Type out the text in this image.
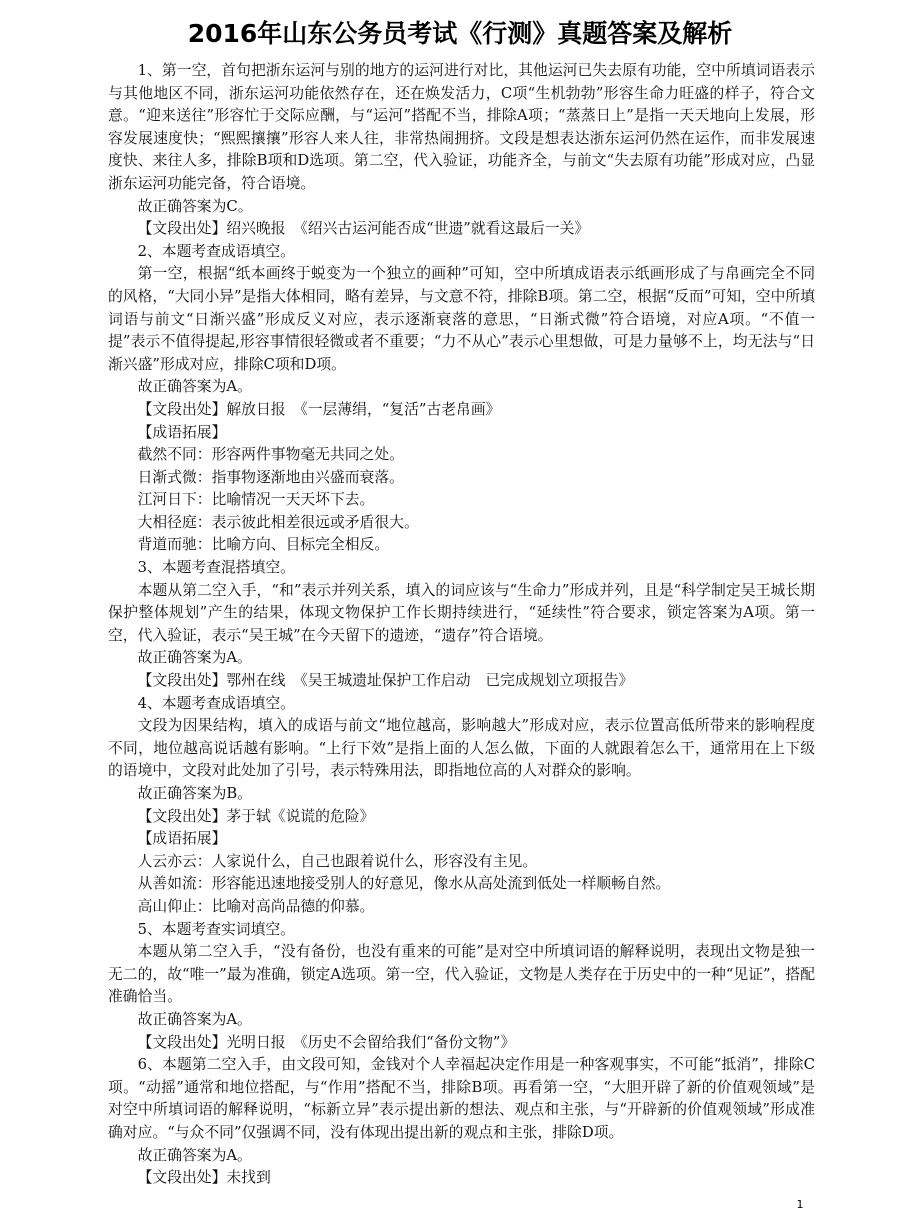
2016年山东公务员考试《行测》真题答案及解析

1、第一空，首句把浙东运河与别的地方的运河进行对比，其他运河已失去原有功能，空中所填词语表示与其他地区不同，浙东运河功能依然存在，还在焕发活力，C项“生机勃勃”形容生命力旺盛的样子，符合文意。“迎来送往”形容忙于交际应酬，与“运河”搭配不当，排除A项；“蒸蒸日上”是指一天天地向上发展，形容发展速度快；“熙熙攘攘”形容人来人往，非常热闹拥挤。文段是想表达浙东运河仍然在运作，而非发展速度快、来往人多，排除B项和D选项。第二空，代入验证，功能齐全，与前文“失去原有功能”形成对应，凸显浙东运河功能完备，符合语境。

故正确答案为C。

【文段出处】绍兴晚报　《绍兴古运河能否成“世遗”就看这最后一关》

2、本题考查成语填空。

第一空，根据“纸本画终于蜕变为一个独立的画种”可知，空中所填成语表示纸画形成了与帛画完全不同的风格，“大同小异”是指大体相同，略有差异，与文意不符，排除B项。第二空，根据“反而”可知，空中所填词语与前文“日渐兴盛”形成反义对应，表示逐渐衰落的意思，“日渐式微”符合语境，对应A项。“不值一提”表示不值得提起,形容事情很轻微或者不重要；“力不从心”表示心里想做，可是力量够不上，均无法与“日渐兴盛”形成对应，排除C项和D项。

故正确答案为A。

【文段出处】解放日报　《一层薄绢，“复活”古老帛画》

【成语拓展】

截然不同：形容两件事物毫无共同之处。

日渐式微：指事物逐渐地由兴盛而衰落。

江河日下：比喻情况一天天坏下去。

大相径庭：表示彼此相差很远或矛盾很大。

背道而驰：比喻方向、目标完全相反。

3、本题考查混搭填空。

本题从第二空入手，“和”表示并列关系，填入的词应该与“生命力”形成并列，且是“科学制定吴王城长期保护整体规划”产生的结果，体现文物保护工作长期持续进行，“延续性”符合要求，锁定答案为A项。第一空，代入验证，表示“吴王城”在今天留下的遗迹，“遗存”符合语境。

故正确答案为A。

【文段出处】鄂州在线　《吴王城遗址保护工作启动　已完成规划立项报告》

4、本题考查成语填空。

文段为因果结构，填入的成语与前文“地位越高，影响越大”形成对应，表示位置高低所带来的影响程度不同，地位越高说话越有影响。“上行下效”是指上面的人怎么做，下面的人就跟着怎么干，通常用在上下级的语境中，文段对此处加了引号，表示特殊用法，即指地位高的人对群众的影响。

故正确答案为B。

【文段出处】茅于轼《说谎的危险》

【成语拓展】

人云亦云：人家说什么，自己也跟着说什么，形容没有主见。

从善如流：形容能迅速地接受别人的好意见，像水从高处流到低处一样顺畅自然。

高山仰止：比喻对高尚品德的仰慕。

5、本题考查实词填空。

本题从第二空入手，“没有备份，也没有重来的可能”是对空中所填词语的解释说明，表现出文物是独一无二的，故“唯一”最为准确，锁定A选项。第一空，代入验证，文物是人类存在于历史中的一种“见证”，搭配准确恰当。

故正确答案为A。

【文段出处】光明日报　《历史不会留给我们“备份文物”》

6、本题第二空入手，由文段可知，金钱对个人幸福起决定作用是一种客观事实，不可能“抵消”，排除C项。“动摇”通常和地位搭配，与“作用”搭配不当，排除B项。再看第一空，“大胆开辟了新的价值观领域”是对空中所填词语的解释说明，“标新立异”表示提出新的想法、观点和主张，与“开辟新的价值观领域”形成准确对应。“与众不同”仅强调不同，没有体现出提出新的观点和主张，排除D项。

故正确答案为A。

【文段出处】未找到

1
